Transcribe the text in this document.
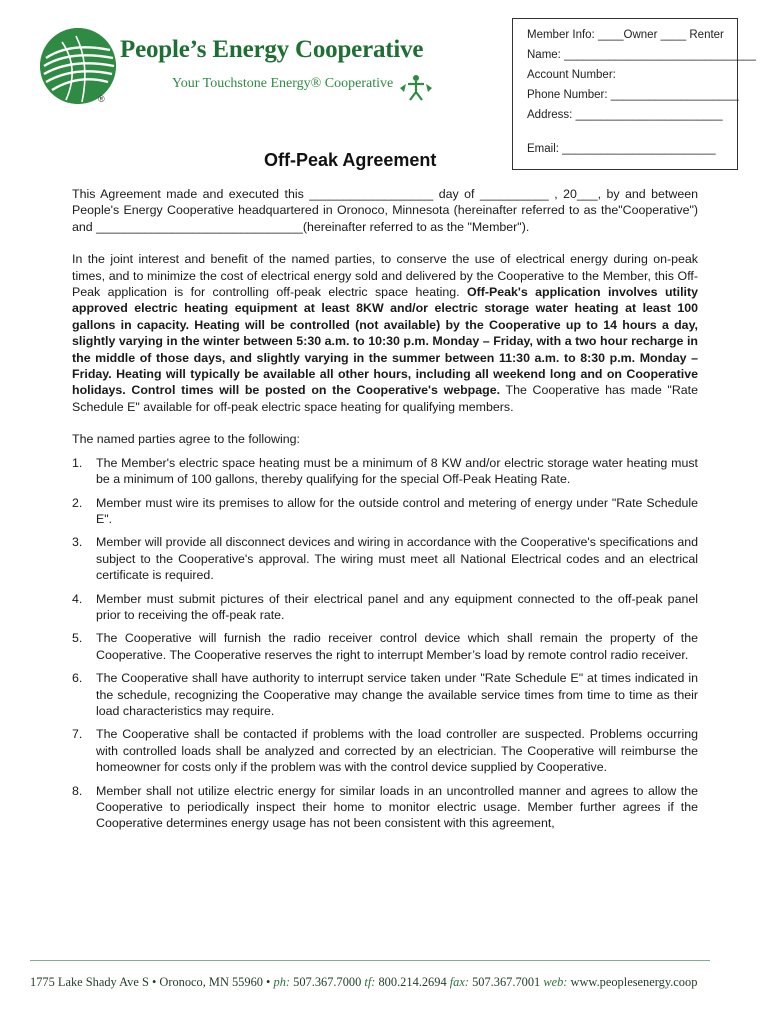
®
People’s Energy Cooperative
Your Touchstone Energy® Cooperative
Member Info: ____Owner ____ Renter
Name: ______________________________
Account Number:
Phone Number: ____________________
Address: _______________________
Email: ________________________
Off-Peak Agreement

This Agreement made and executed this __________________ day of __________ , 20___, by and between People's Energy Cooperative headquartered in Oronoco, Minnesota (hereinafter referred to as the"Cooperative") and ______________________________(hereinafter referred to as the "Member").

In the joint interest and benefit of the named parties, to conserve the use of electrical energy during on-peak times, and to minimize the cost of electrical energy sold and delivered by the Cooperative to the Member, this Off-Peak application is for controlling off-peak electric space heating. Off-Peak's application involves utility approved electric heating equipment at least 8KW and/or electric storage water heating at least 100 gallons in capacity. Heating will be controlled (not available) by the Cooperative up to 14 hours a day, slightly varying in the winter between 5:30 a.m. to 10:30 p.m. Monday – Friday, with a two hour recharge in the middle of those days, and slightly varying in the summer between 11:30 a.m. to 8:30 p.m. Monday – Friday. Heating will typically be available all other hours, including all weekend long and on Cooperative holidays. Control times will be posted on the Cooperative's webpage. The Cooperative has made "Rate Schedule E" available for off-peak electric space heating for qualifying members.

The named parties agree to the following:

1. The Member's electric space heating must be a minimum of 8 KW and/or electric storage water heating must be a minimum of 100 gallons, thereby qualifying for the special Off-Peak Heating Rate.
2. Member must wire its premises to allow for the outside control and metering of energy under "Rate Schedule E".
3. Member will provide all disconnect devices and wiring in accordance with the Cooperative's specifications and subject to the Cooperative's approval. The wiring must meet all National Electrical codes and an electrical certificate is required.
4. Member must submit pictures of their electrical panel and any equipment connected to the off-peak panel prior to receiving the off-peak rate.
5. The Cooperative will furnish the radio receiver control device which shall remain the property of the Cooperative. The Cooperative reserves the right to interrupt Member’s load by remote control radio receiver.
6. The Cooperative shall have authority to interrupt service taken under "Rate Schedule E" at times indicated in the schedule, recognizing the Cooperative may change the available service times from time to time as their load characteristics may require.
7. The Cooperative shall be contacted if problems with the load controller are suspected. Problems occurring with controlled loads shall be analyzed and corrected by an electrician. The Cooperative will reimburse the homeowner for costs only if the problem was with the control device supplied by Cooperative.
8. Member shall not utilize electric energy for similar loads in an uncontrolled manner and agrees to allow the Cooperative to periodically inspect their home to monitor electric usage. Member further agrees if the Cooperative determines energy usage has not been consistent with this agreement,
1775 Lake Shady Ave S • Oronoco, MN 55960 • ph: 507.367.7000 tf: 800.214.2694 fax: 507.367.7001 web: www.peoplesenergy.coop
